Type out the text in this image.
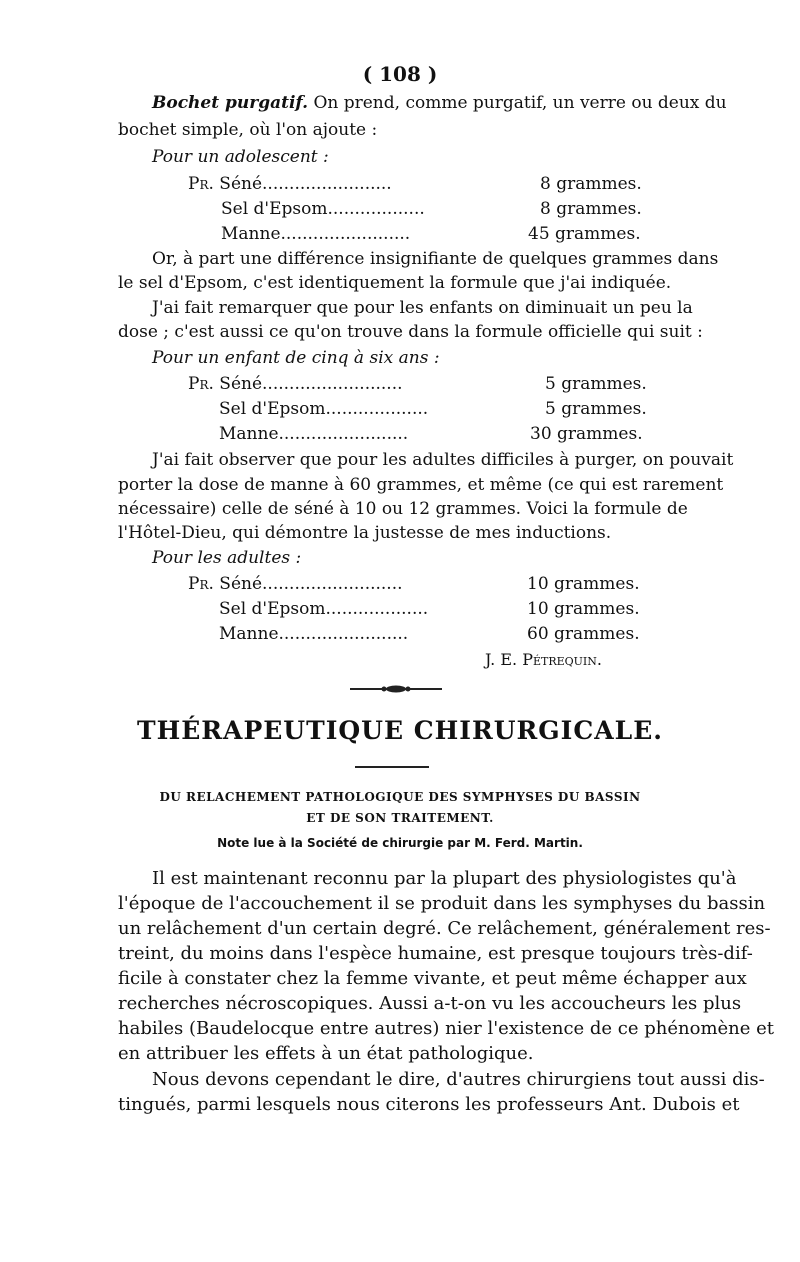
( 108 )
Bochet purgatif. On prend, comme purgatif, un verre ou deux du
bochet simple, où l'on ajoute :
Pour un adolescent :
Pr. Séné........................	8 grammes.
Sel d'Epsom..................	8 grammes.
Manne........................	45 grammes.
Or, à part une différence insignifiante de quelques grammes dans
le sel d'Epsom, c'est identiquement la formule que j'ai indiquée.
J'ai fait remarquer que pour les enfants on diminuait un peu la
dose ; c'est aussi ce qu'on trouve dans la formule officielle qui suit :
Pour un enfant de cinq à six ans :
Pr. Séné..........................	5 grammes.
Sel d'Epsom...................	5 grammes.
Manne........................	30 grammes.
J'ai fait observer que pour les adultes difficiles à purger, on pouvait
porter la dose de manne à 60 grammes, et même (ce qui est rarement
nécessaire) celle de séné à 10 ou 12 grammes. Voici la formule de
l'Hôtel-Dieu, qui démontre la justesse de mes inductions.
Pour les adultes :
Pr. Séné..........................	10 grammes.
Sel d'Epsom...................	10 grammes.
Manne........................	60 grammes.
J. E. Pétrequin.
THÉRAPEUTIQUE CHIRURGICALE.
DU RELACHEMENT PATHOLOGIQUE DES SYMPHYSES DU BASSIN
ET DE SON TRAITEMENT.
Note lue à la Société de chirurgie par M. Ferd. Martin.
Il est maintenant reconnu par la plupart des physiologistes qu'à
l'époque de l'accouchement il se produit dans les symphyses du bassin
un relâchement d'un certain degré. Ce relâchement, généralement res-
treint, du moins dans l'espèce humaine, est presque toujours très-dif-
ficile à constater chez la femme vivante, et peut même échapper aux
recherches nécroscopiques. Aussi a-t-on vu les accoucheurs les plus
habiles (Baudelocque entre autres) nier l'existence de ce phénomène et
en attribuer les effets à un état pathologique.
Nous devons cependant le dire, d'autres chirurgiens tout aussi dis-
tingués, parmi lesquels nous citerons les professeurs Ant. Dubois et
